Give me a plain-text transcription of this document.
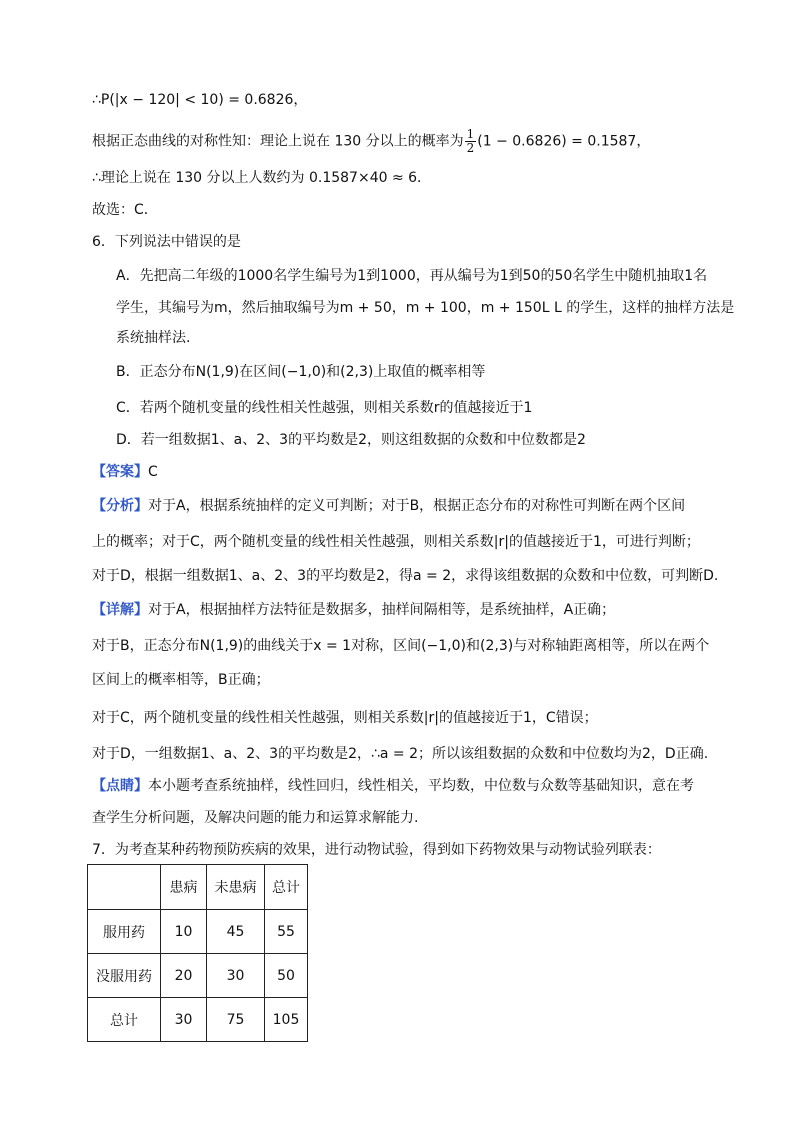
∴P(|x − 120| < 10) = 0.6826，
根据正态曲线的对称性知：理论上说在 130 分以上的概率为 $\frac{1}{2} (1 - 0.6826) = 0.1587$，
∴理论上说在 130 分以上人数约为 0.1587×40 ≈ 6．
故选：C．
6．下列说法中错误的是
A．先把高二年级的1000名学生编号为1到1000，再从编号为1到50的50名学生中随机抽取1名
学生，其编号为m，然后抽取编号为m + 50，m + 100，m + 150L L 的学生，这样的抽样方法是
系统抽样法.
B．正态分布N(1,9)在区间(−1,0)和(2,3)上取值的概率相等
C．若两个随机变量的线性相关性越强，则相关系数r的值越接近于1
D．若一组数据1、a、2、3的平均数是2，则这组数据的众数和中位数都是2
【答案】C
【分析】对于A，根据系统抽样的定义可判断；对于B，根据正态分布的对称性可判断在两个区间
上的概率；对于C，两个随机变量的线性相关性越强，则相关系数|r|的值越接近于1，可进行判断；
对于D，根据一组数据1、a、2、3的平均数是2，得a = 2，求得该组数据的众数和中位数，可判断D.
【详解】对于A，根据抽样方法特征是数据多，抽样间隔相等，是系统抽样，A正确；
对于B，正态分布N(1,9)的曲线关于x = 1对称，区间(−1,0)和(2,3)与对称轴距离相等，所以在两个
区间上的概率相等，B正确；
对于C，两个随机变量的线性相关性越强，则相关系数|r|的值越接近于1，C错误；
对于D，一组数据1、a、2、3的平均数是2，∴a = 2；所以该组数据的众数和中位数均为2，D正确.
【点睛】本小题考查系统抽样，线性回归，线性相关，平均数，中位数与众数等基础知识，意在考
查学生分析问题，及解决问题的能力和运算求解能力.
7．为考查某种药物预防疾病的效果，进行动物试验，得到如下药物效果与动物试验列联表：
	患病	未患病	总计
服用药	10	45	55
没服用药	20	30	50
总计	30	75	105
